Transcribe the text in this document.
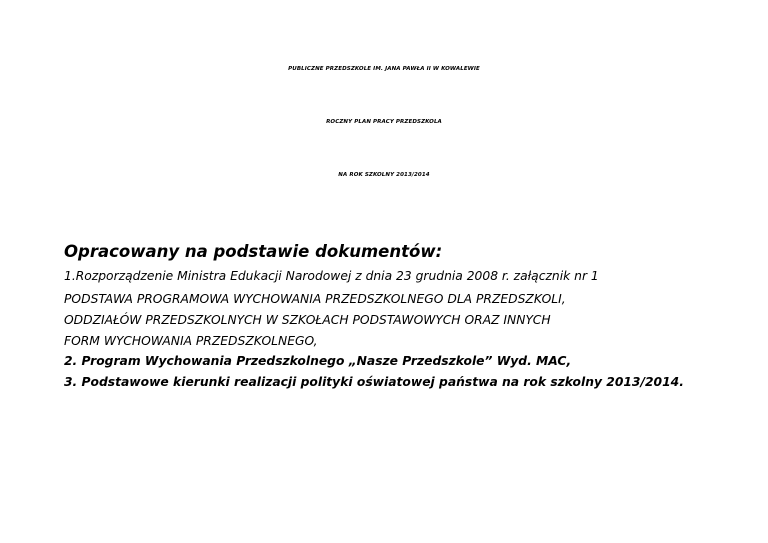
PUBLICZNE PRZEDSZKOLE IM. JANA PAWŁA II W KOWALEWIE
ROCZNY PLAN PRACY PRZEDSZKOLA
NA ROK SZKOLNY 2013/2014
Opracowany na podstawie dokumentów:
1.Rozporządzenie Ministra Edukacji Narodowej z dnia 23 grudnia 2008 r. załącznik nr 1
PODSTAWA PROGRAMOWA WYCHOWANIA PRZEDSZKOLNEGO DLA PRZEDSZKOLI,
ODDZIAŁÓW PRZEDSZKOLNYCH W SZKOŁACH PODSTAWOWYCH ORAZ INNYCH
FORM WYCHOWANIA PRZEDSZKOLNEGO,
2. Program Wychowania Przedszkolnego „Nasze Przedszkole” Wyd. MAC,
3. Podstawowe kierunki realizacji polityki oświatowej państwa na rok szkolny 2013/2014.
